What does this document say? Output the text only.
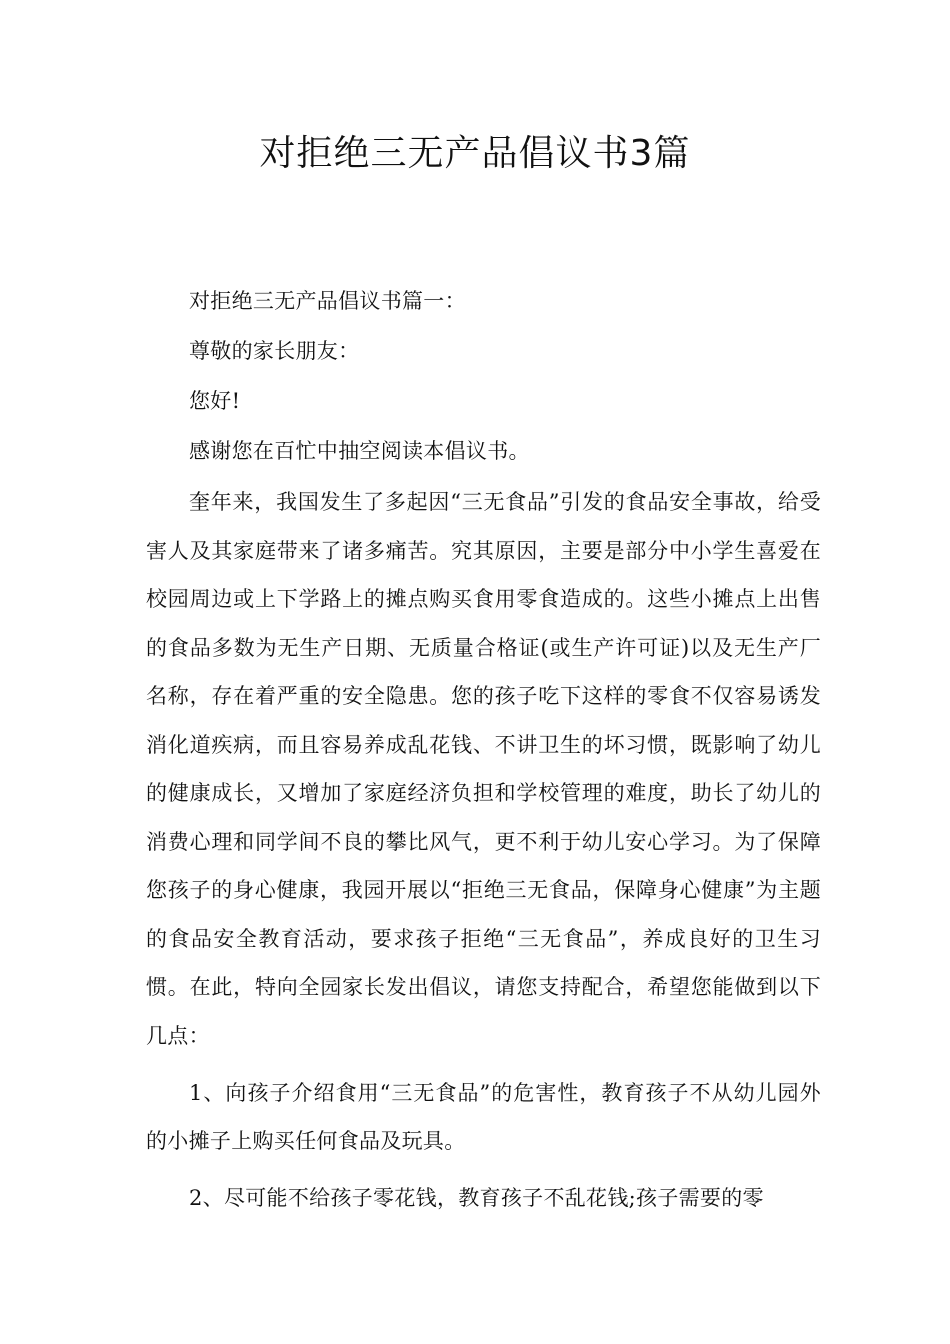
对拒绝三无产品倡议书3篇

对拒绝三无产品倡议书篇一：

尊敬的家长朋友：

您好!

感谢您在百忙中抽空阅读本倡议书。

奎年来，我国发生了多起因“三无食品”引发的食品安全事故，给受害人及其家庭带来了诸多痛苦。究其原因，主要是部分中小学生喜爱在校园周边或上下学路上的摊点购买食用零食造成的。这些小摊点上出售的食品多数为无生产日期、无质量合格证(或生产许可证)以及无生产厂名称，存在着严重的安全隐患。您的孩子吃下这样的零食不仅容易诱发消化道疾病，而且容易养成乱花钱、不讲卫生的坏习惯，既影响了幼儿的健康成长，又增加了家庭经济负担和学校管理的难度，助长了幼儿的消费心理和同学间不良的攀比风气，更不利于幼儿安心学习。为了保障您孩子的身心健康，我园开展以“拒绝三无食品，保障身心健康”为主题的食品安全教育活动，要求孩子拒绝“三无食品”，养成良好的卫生习惯。在此，特向全园家长发出倡议，请您支持配合，希望您能做到以下几点：

1、向孩子介绍食用“三无食品”的危害性，教育孩子不从幼儿园外的小摊子上购买任何食品及玩具。

2、尽可能不给孩子零花钱，教育孩子不乱花钱;孩子需要的零
